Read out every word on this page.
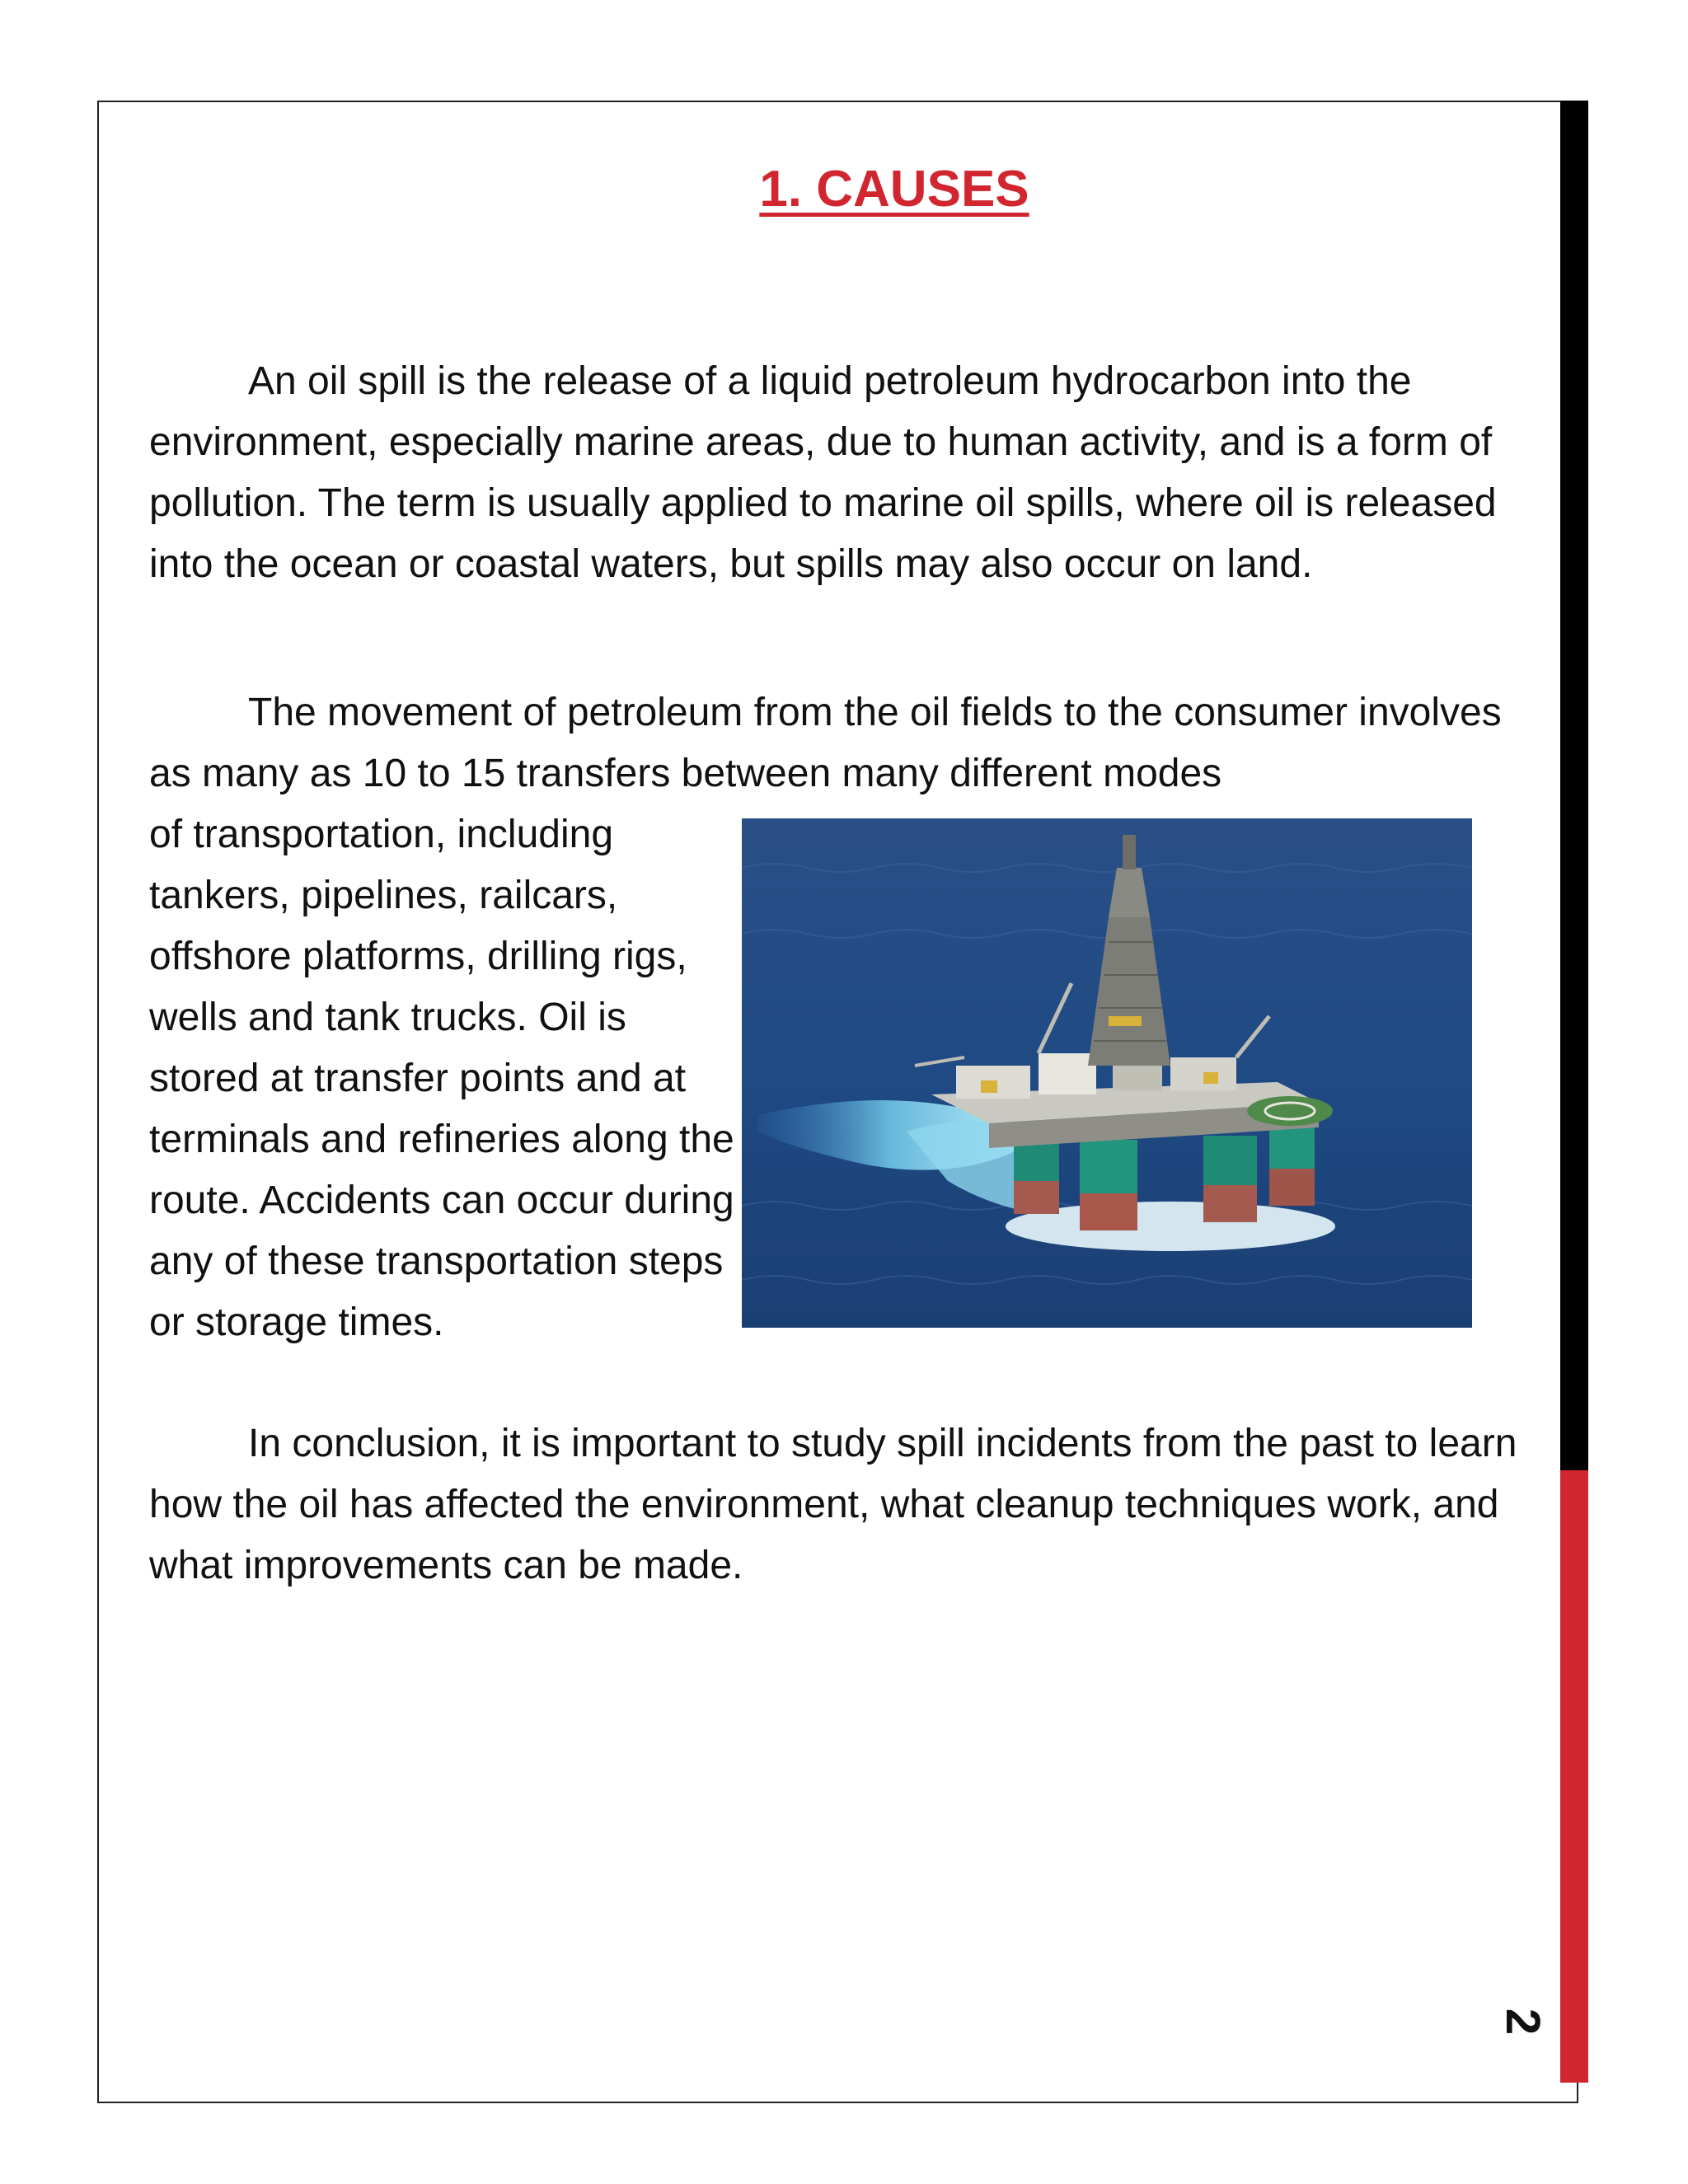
1. CAUSES

An oil spill is the release of a liquid petroleum hydrocarbon into the environment, especially marine areas, due to human activity, and is a form of pollution. The term is usually applied to marine oil spills, where oil is released into the ocean or coastal waters, but spills may also occur on land.

The movement of petroleum from the oil fields to the consumer involves as many as 10 to 15 transfers between many different modes

of transportation, including tankers, pipelines, railcars, offshore platforms, drilling rigs, wells and tank trucks. Oil is stored at transfer points and at terminals and refineries along the route. Accidents can occur during any of these transportation steps or storage times.

In conclusion, it is important to study spill incidents from the past to learn how the oil has affected the environment, what cleanup techniques work, and what improvements can be made.

2
